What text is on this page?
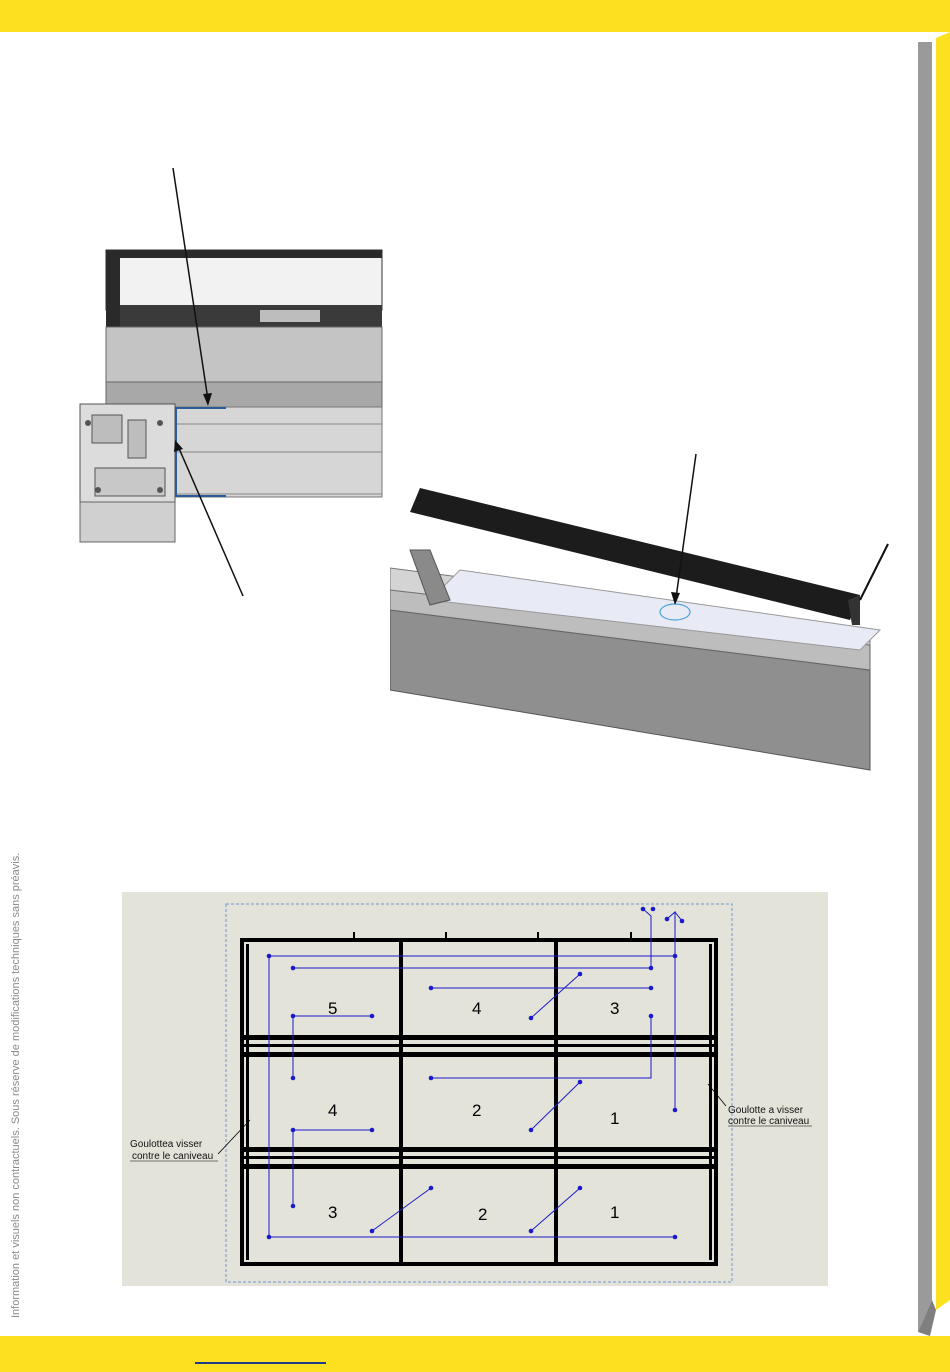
Information et visuels non contractuels. Sous réserve de modifications techniques sans préavis.	5	4	3
4	2	1
3	2	1
Goulotte a visser
contre le caniveau
Goulottea visser
contre le caniveau
